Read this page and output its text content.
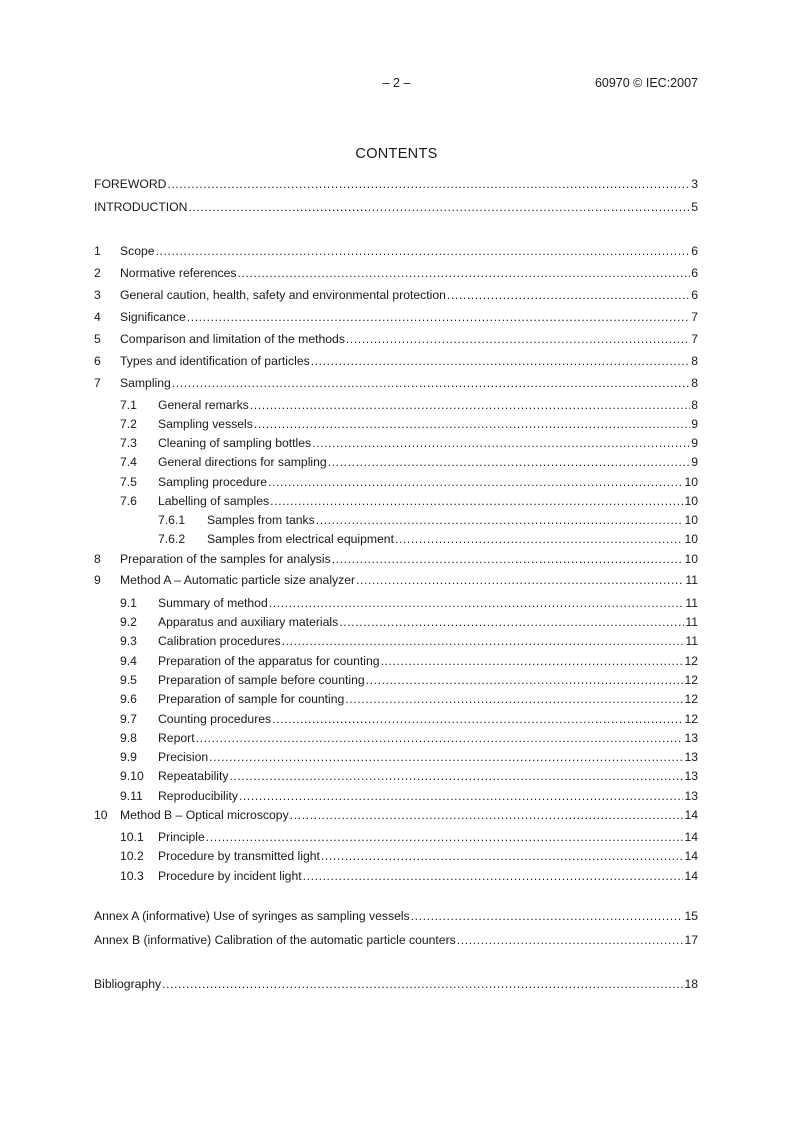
– 2 –	60970 © IEC:2007
CONTENTS
FOREWORD .....	3
INTRODUCTION .....	5
1	Scope .....	6
2	Normative references .....	6
3	General caution, health, safety and environmental protection .....	6
4	Significance .....	7
5	Comparison and limitation of the methods .....	7
6	Types and identification of particles .....	8
7	Sampling .....	8
7.1	General remarks .....	8
7.2	Sampling vessels .....	9
7.3	Cleaning of sampling bottles .....	9
7.4	General directions for sampling .....	9
7.5	Sampling procedure .....	10
7.6	Labelling of samples .....	10
7.6.1	Samples from tanks .....	10
7.6.2	Samples from electrical equipment .....	10
8	Preparation of the samples for analysis .....	10
9	Method A – Automatic particle size analyzer .....	11
9.1	Summary of method .....	11
9.2	Apparatus and auxiliary materials .....	11
9.3	Calibration procedures .....	11
9.4	Preparation of the apparatus for counting .....	12
9.5	Preparation of sample before counting .....	12
9.6	Preparation of sample for counting .....	12
9.7	Counting procedures .....	12
9.8	Report .....	13
9.9	Precision .....	13
9.10	Repeatability .....	13
9.11	Reproducibility .....	13
10	Method B – Optical microscopy .....	14
10.1	Principle .....	14
10.2	Procedure by transmitted light .....	14
10.3	Procedure by incident light .....	14
Annex A (informative) Use of syringes as sampling vessels .....	15
Annex B (informative) Calibration of the automatic particle counters .....	17
Bibliography .....	18
